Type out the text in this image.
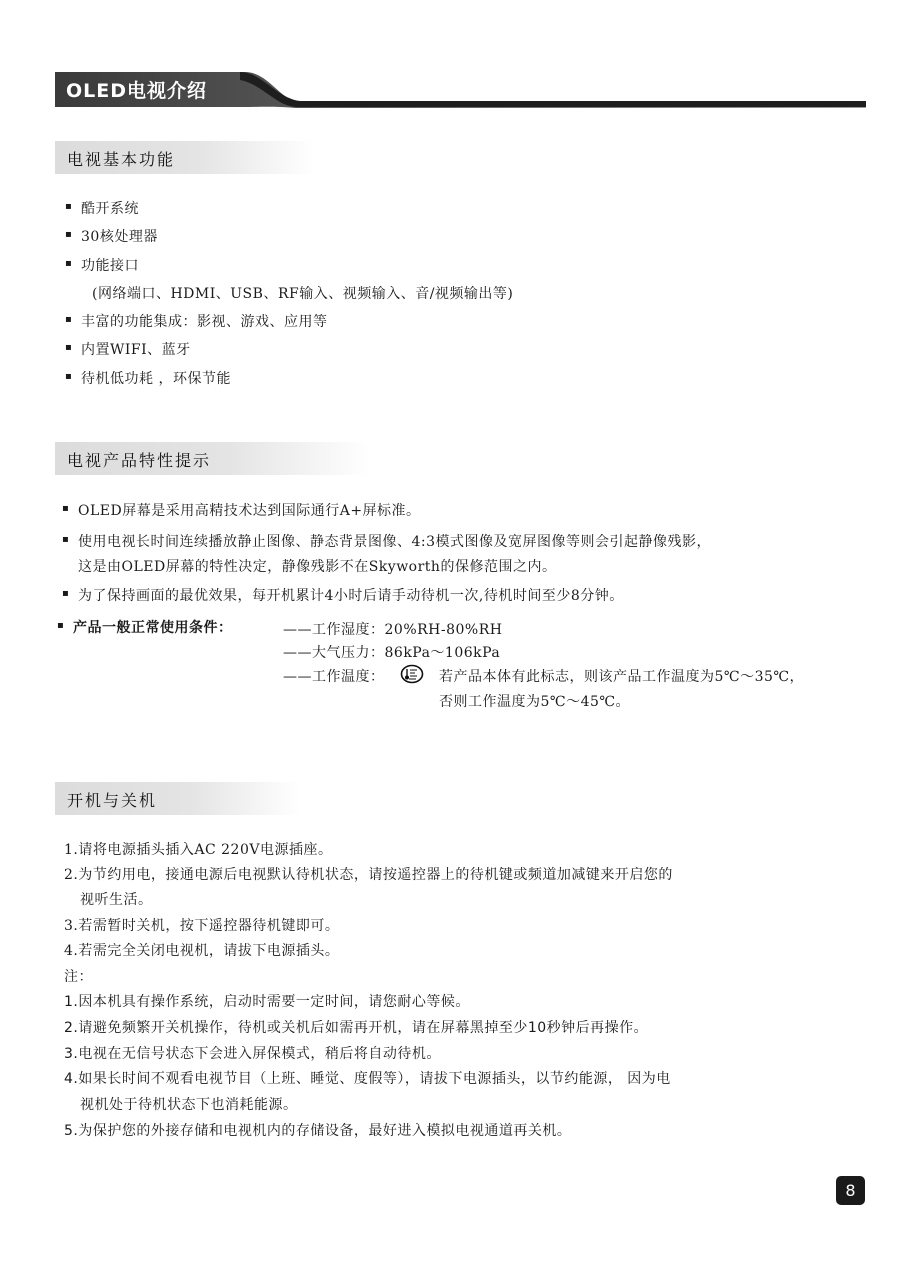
OLED电视介绍
电视基本功能
▪ 酷开系统
▪ 30核处理器
▪ 功能接口
(网络端口、HDMI、USB、RF输入、视频输入、音/视频输出等)
▪ 丰富的功能集成：影视、游戏、应用等
▪ 内置WIFI、蓝牙
▪ 待机低功耗 ，环保节能
电视产品特性提示
▪ OLED屏幕是采用高精技术达到国际通行A+屏标准。
▪ 使用电视长时间连续播放静止图像、静态背景图像、4:3模式图像及宽屏图像等则会引起静像残影，
这是由OLED屏幕的特性决定，静像残影不在Skyworth的保修范围之内。
▪ 为了保持画面的最优效果，每开机累计4小时后请手动待机一次,待机时间至少8分钟。
▪ 产品一般正常使用条件：	——工作湿度：20%RH-80%RH
——大气压力：86kPa～106kPa
——工作温度：	若产品本体有此标志，则该产品工作温度为5℃～35℃，
否则工作温度为5℃～45℃。
开机与关机
1.请将电源插头插入AC 220V电源插座。
2.为节约用电，接通电源后电视默认待机状态，请按遥控器上的待机键或频道加减键来开启您的
视听生活。
3.若需暂时关机，按下遥控器待机键即可。
4.若需完全关闭电视机，请拔下电源插头。
注：
1.因本机具有操作系统，启动时需要一定时间，请您耐心等候。
2.请避免频繁开关机操作，待机或关机后如需再开机，请在屏幕黑掉至少10秒钟后再操作。
3.电视在无信号状态下会进入屏保模式，稍后将自动待机。
4.如果长时间不观看电视节目（上班、睡觉、度假等），请拔下电源插头，以节约能源， 因为电
视机处于待机状态下也消耗能源。
5.为保护您的外接存储和电视机内的存储设备，最好进入模拟电视通道再关机。
8
